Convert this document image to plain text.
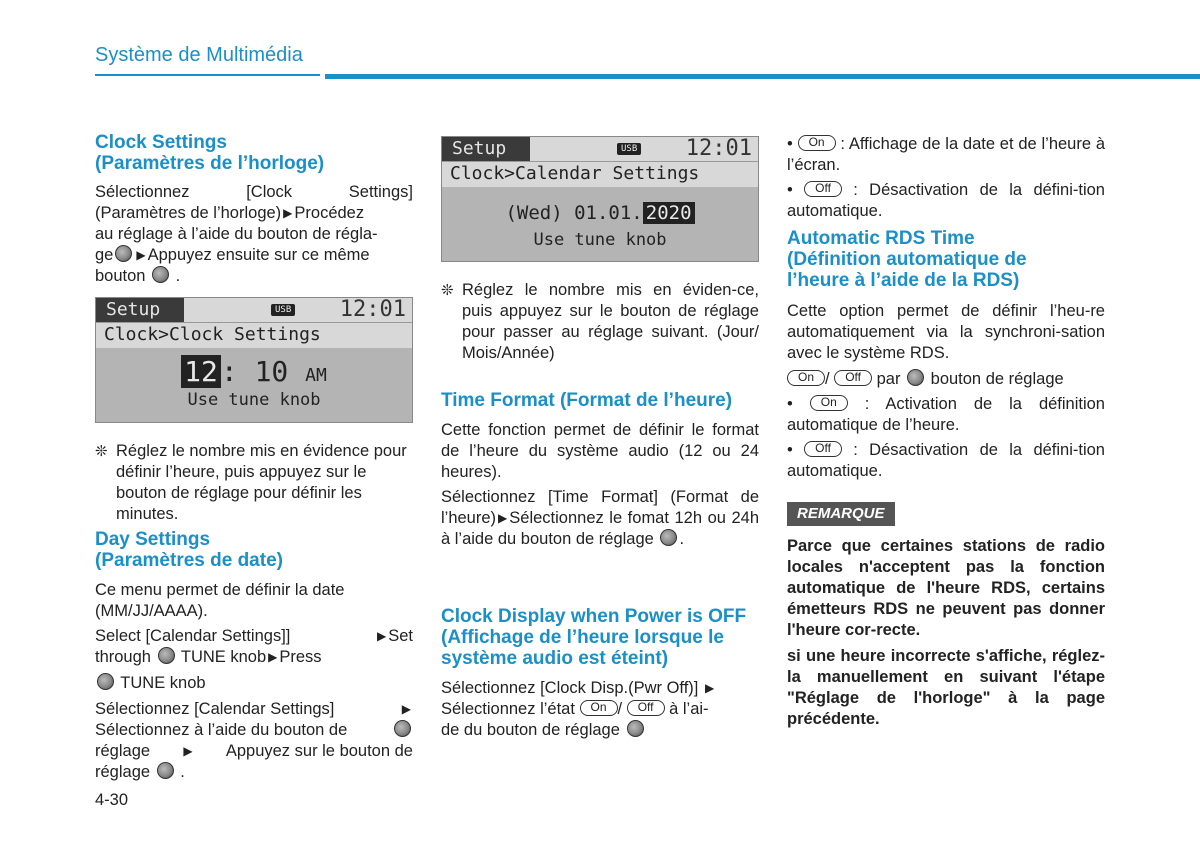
Système de Multimédia

Clock Settings

(Paramètres de l’horloge)

Sélectionnez [Clock Settings]

(Paramètres de l’horloge) ▶ Procédez

au réglage à l’aide du bouton de régla-

ge ▶ Appuyez ensuite sur ce même

bouton .

Setup	USB 12:01
Clock>Clock Settings
12 : 10 AM
Use tune knob
❊ Réglez le nombre mis en évidence pour définir l’heure, puis appuyez sur le bouton de réglage pour définir les minutes.

Day Settings

(Paramètres de date)

Ce menu permet de définir la date (MM/JJ/AAAA).

Select [Calendar Settings]]	▶ Set

through TUNE knob ▶ Press

TUNE knob

Sélectionnez [Calendar Settings]	▶

Sélectionnez à l’aide du bouton de

réglage	▶ Appuyez sur le bouton de

réglage .

Setup	USB 12:01
Clock>Calendar Settings
(Wed) 01.01. 2020
Use tune knob
❊ Réglez le nombre mis en éviden-ce, puis appuyez sur le bouton de réglage pour passer au réglage suivant. (Jour/ Mois/Année)

Time Format (Format de l’heure)

Cette fonction permet de définir le format de l’heure du système audio (12 ou 24 heures).

Sélectionnez [Time Format] (Format de l’heure) ▶ Sélectionnez le fomat 12h ou 24h à l’aide du bouton de réglage .

Clock Display when Power is OFF

(Affichage de l’heure lorsque le

système audio est éteint)

Sélectionnez [Clock Disp.(Pwr Off)] ▶

Sélectionnez l’état On / Off à l’ai-

de du bouton de réglage

• On : Affichage de la date et de l’heure à l’écran.

• Off : Désactivation de la défini-tion automatique.

Automatic RDS Time

(Définition automatique de

l’heure à l’aide de la RDS)

Cette option permet de définir l’heu-re automatiquement via la synchroni-sation avec le système RDS.

On / Off par bouton de réglage

• On : Activation de la définition automatique de l’heure.

• Off : Désactivation de la défini-tion automatique.

REMARQUE

Parce que certaines stations de radio locales n'acceptent pas la fonction automatique de l'heure RDS, certains émetteurs RDS ne peuvent pas donner l'heure cor-recte.

si une heure incorrecte s'affiche, réglez-la manuellement en suivant l'étape "Réglage de l'horloge" à la page précédente.

4-30
